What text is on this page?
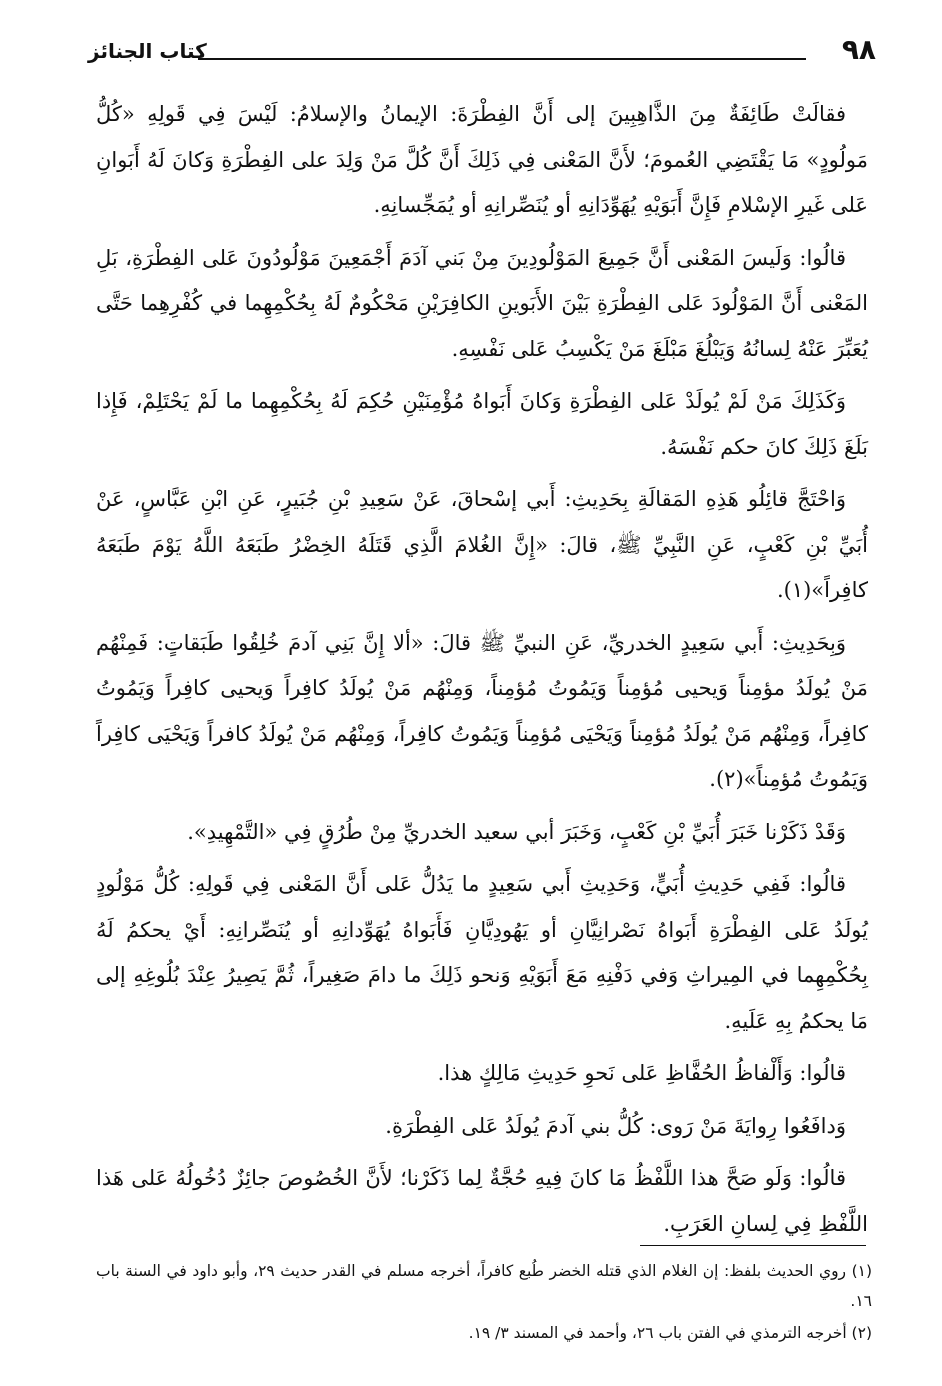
٩٨
كتاب الجنائز

فقالَتْ طَائِفَةٌ مِنَ الذَّاهِبِينَ إلى أَنَّ الفِطْرَةَ: الإيمانُ والإسلامُ: لَيْسَ فِي قَولِهِ «كُلُّ مَولُودٍ» مَا يَقْتَضِي العُمومَ؛ لأَنَّ المَعْنى فِي ذَلِكَ أَنَّ كُلَّ مَنْ وَلِدَ على الفِطْرَةِ وَكانَ لَهُ أَبَوانِ عَلى غَيرِ الإسْلامِ فَإِنَّ أَبَوَيْهِ يُهَوِّدَانِهِ أو يُنَصِّرانِهِ أو يُمَجِّسانِهِ.

قالُوا: وَلَيسَ المَعْنى أَنَّ جَمِيعَ المَوْلُودِينَ مِنْ بَني آدَمَ أَجْمَعِينَ مَوْلُودُونَ عَلى الفِطْرَةِ، بَلِ المَعْنى أَنَّ المَوْلُودَ عَلى الفِطْرَةِ بَيْنَ الأَبَوينِ الكافِرَيْنِ مَحْكُومٌ لَهُ بِحُكْمِهِما في كُفْرِهِما حَتَّى يُعَبِّرَ عَنْهُ لِسانُهُ وَيَبْلُغَ مَبْلَغَ مَنْ يَكْسِبُ عَلى نَفْسِهِ.

وَكَذَلِكَ مَنْ لَمْ يُولَدْ عَلى الفِطْرَةِ وَكانَ أَبَواهُ مُؤْمِنَيْنِ حُكِمَ لَهُ بِحُكْمِهِما ما لَمْ يَحْتَلِمْ، فَإِذا بَلَغَ ذَلِكَ كانَ حكم نَفْسَهُ.

وَاحْتَجَّ قائِلُو هَذِهِ المَقالَةِ بِحَدِيثِ: أَبي إسْحاقَ، عَنْ سَعِيدِ بْنِ جُبَيرٍ، عَنِ ابْنِ عَبَّاسٍ، عَنْ أُبَيِّ بْنِ كَعْبٍ، عَنِ النَّبِيِّ ﷺ، قالَ: «إِنَّ الغُلامَ الَّذِي قَتَلَهُ الخِضْرُ طَبَعَهُ اللَّهُ يَوْمَ طَبَعَهُ كافِراً»(١).

وَبِحَدِيثِ: أَبي سَعِيدٍ الخدريِّ، عَنِ النبيِّ ﷺ قالَ: «ألا إِنَّ بَنِي آدمَ خُلِقُوا طَبَقاتٍ: فَمِنْهُم مَنْ يُولَدُ مؤمِناً وَيحيى مُؤمِناً وَيَمُوتُ مُؤمِناً، وَمِنْهُم مَنْ يُولَدُ كافِراً وَيحيى كافِراً وَيَمُوتُ كافِراً، وَمِنْهُم مَنْ يُولَدُ مُؤمِناً وَيَحْيَى مُؤمِناً وَيَمُوتُ كافِراً، وَمِنْهُم مَنْ يُولَدُ كافراً وَيَحْيَى كافِراً وَيَمُوتُ مُؤمِناً»(٢).

وَقَدْ ذَكَرْنا خَبَرَ أُبَيِّ بْنِ كَعْبٍ، وَخَبَرَ أبي سعيد الخدريِّ مِنْ طُرُقٍ فِي «التَّمْهِيدِ».

قالُوا: فَفِي حَدِيثِ أُبَيٍّ، وَحَدِيثِ أَبي سَعِيدٍ ما يَدُلُّ عَلى أَنَّ المَعْنى فِي قَولِهِ: كُلُّ مَوْلُودٍ يُولَدُ عَلى الفِطْرَةِ أَبَواهُ نَصْرانِيَّانِ أو يَهُودِيَّانِ فَأَبَواهُ يُهَوِّدانِهِ أو يُنَصِّرانِهِ: أَيْ يحكمُ لَهُ بِحُكْمِهِما في المِيراثِ وَفي دَفْنِهِ مَعَ أَبَوَيْهِ وَنحو ذَلِكَ ما دامَ صَغِيراً، ثُمَّ يَصِيرُ عِنْدَ بُلُوغِهِ إلى مَا يحكمُ بِهِ عَلَيهِ.

قالُوا: وَأَلْفاظُ الحُفَّاظِ عَلى نَحوِ حَدِيثِ مَالِكٍ هذا.

وَدافَعُوا رِوايَةَ مَنْ رَوى: كُلُّ بني آدمَ يُولَدُ عَلى الفِطْرَةِ.

قالُوا: وَلَو صَحَّ هذا اللَّفْظُ مَا كانَ فِيهِ حُجَّةٌ لِما ذَكَرْنا؛ لأَنَّ الخُصُوصَ جائِزٌ دُخُولُهُ عَلى هَذا اللَّفْظِ فِي لِسانِ العَرَبِ.

(١) روي الحديث بلفظ: إن الغلام الذي قتله الخضر طُبع كافراً، أخرجه مسلم في القدر حديث ٢٩، وأبو داود في السنة باب ١٦.

(٢) أخرجه الترمذي في الفتن باب ٢٦، وأحمد في المسند ٣/ ١٩.
